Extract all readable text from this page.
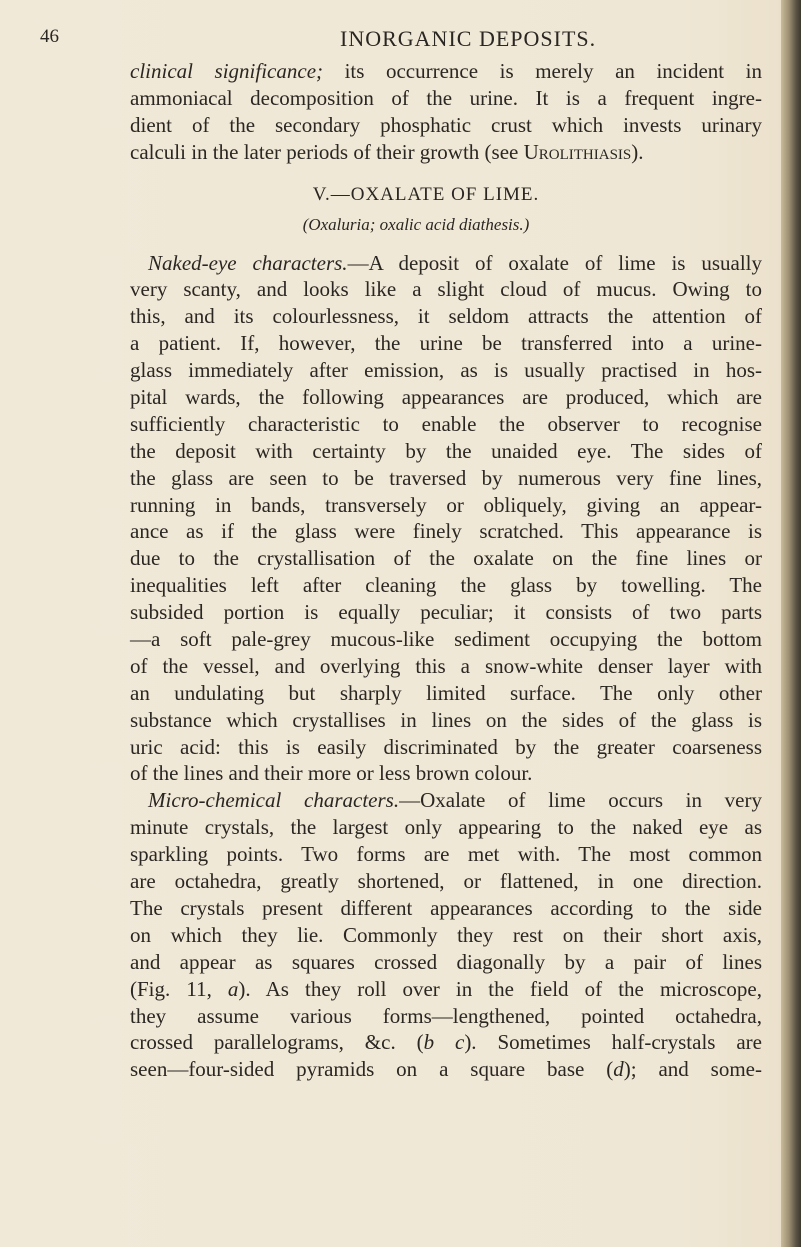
46	INORGANIC DEPOSITS.
clinical significance; its occurrence is merely an incident in
ammoniacal decomposition of the urine. It is a frequent ingre-
dient of the secondary phosphatic crust which invests urinary
calculi in the later periods of their growth (see Urolithiasis).
V.—OXALATE OF LIME.
(Oxaluria; oxalic acid diathesis.)
Naked-eye characters.—A deposit of oxalate of lime is usually
very scanty, and looks like a slight cloud of mucus. Owing to
this, and its colourlessness, it seldom attracts the attention of
a patient. If, however, the urine be transferred into a urine-
glass immediately after emission, as is usually practised in hos-
pital wards, the following appearances are produced, which are
sufficiently characteristic to enable the observer to recognise
the deposit with certainty by the unaided eye. The sides of
the glass are seen to be traversed by numerous very fine lines,
running in bands, transversely or obliquely, giving an appear-
ance as if the glass were finely scratched. This appearance is
due to the crystallisation of the oxalate on the fine lines or
inequalities left after cleaning the glass by towelling. The
subsided portion is equally peculiar; it consists of two parts
—a soft pale-grey mucous-like sediment occupying the bottom
of the vessel, and overlying this a snow-white denser layer with
an undulating but sharply limited surface. The only other
substance which crystallises in lines on the sides of the glass is
uric acid: this is easily discriminated by the greater coarseness
of the lines and their more or less brown colour.
Micro-chemical characters.—Oxalate of lime occurs in very
minute crystals, the largest only appearing to the naked eye as
sparkling points. Two forms are met with. The most common
are octahedra, greatly shortened, or flattened, in one direction.
The crystals present different appearances according to the side
on which they lie. Commonly they rest on their short axis,
and appear as squares crossed diagonally by a pair of lines
(Fig. 11, a). As they roll over in the field of the microscope,
they assume various forms—lengthened, pointed octahedra,
crossed parallelograms, &c. (b c). Sometimes half-crystals are
seen—four-sided pyramids on a square base (d); and some-
